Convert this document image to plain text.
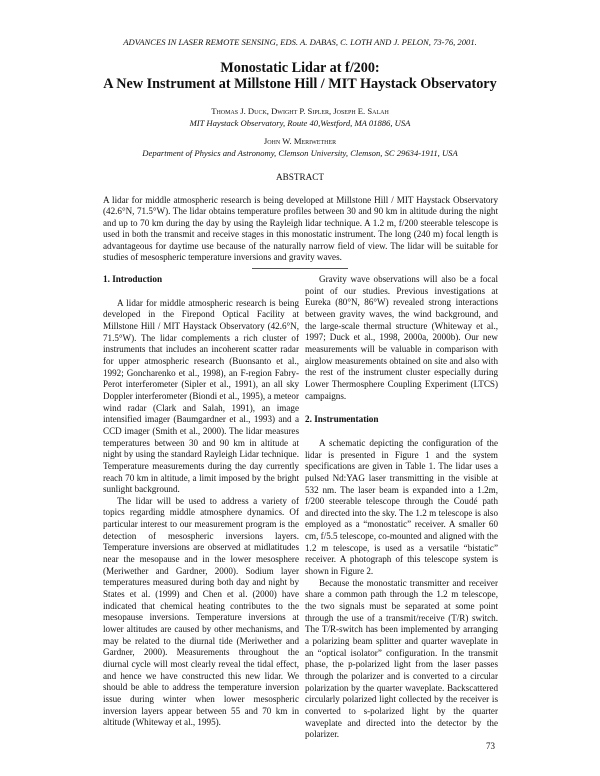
ADVANCES IN LASER REMOTE SENSING, EDS. A. DABAS, C. LOTH AND J. PELON, 73-76, 2001.
Monostatic Lidar at f/200:
A New Instrument at Millstone Hill / MIT Haystack Observatory
Thomas J. Duck, Dwight P. Sipler, Joseph E. Salah
MIT Haystack Observatory, Route 40,Westford, MA 01886, USA
John W. Meriwether
Department of Physics and Astronomy, Clemson University, Clemson, SC 29634-1911, USA
ABSTRACT
A lidar for middle atmospheric research is being developed at Millstone Hill / MIT Haystack Observatory (42.6°N, 71.5°W). The lidar obtains temperature profiles between 30 and 90 km in altitude during the night and up to 70 km during the day by using the Rayleigh lidar technique. A 1.2 m, f/200 steerable telescope is used in both the transmit and receive stages in this monostatic instrument. The long (240 m) focal length is advantageous for daytime use because of the naturally narrow field of view. The lidar will be suitable for studies of mesospheric temperature inversions and gravity waves.
1. Introduction

A lidar for middle atmospheric research is being developed in the Firepond Optical Facility at Millstone Hill / MIT Haystack Observatory (42.6°N, 71.5°W). The lidar complements a rich cluster of instruments that includes an incoherent scatter radar for upper atmospheric research (Buonsanto et al., 1992; Goncharenko et al., 1998), an F-region Fabry-Perot interferometer (Sipler et al., 1991), an all sky Doppler interferometer (Biondi et al., 1995), a meteor wind radar (Clark and Salah, 1991), an image intensified imager (Baumgardner et al., 1993) and a CCD imager (Smith et al., 2000). The lidar measures temperatures between 30 and 90 km in altitude at night by using the standard Rayleigh Lidar technique. Temperature measurements during the day currently reach 70 km in altitude, a limit imposed by the bright sunlight background.

The lidar will be used to address a variety of topics regarding middle atmosphere dynamics. Of particular interest to our measurement program is the detection of mesospheric inversions layers. Temperature inversions are observed at midlatitudes near the mesopause and in the lower mesosphere (Meriwether and Gardner, 2000). Sodium layer temperatures measured during both day and night by States et al. (1999) and Chen et al. (2000) have indicated that chemical heating contributes to the mesopause inversions. Temperature inversions at lower altitudes are caused by other mechanisms, and may be related to the diurnal tide (Meriwether and Gardner, 2000). Measurements throughout the diurnal cycle will most clearly reveal the tidal effect, and hence we have constructed this new lidar. We should be able to address the temperature inversion issue during winter when lower mesospheric inversion layers appear between 55 and 70 km in altitude (Whiteway et al., 1995).

Gravity wave observations will also be a focal point of our studies. Previous investigations at Eureka (80°N, 86°W) revealed strong interactions between gravity waves, the wind background, and the large-scale thermal structure (Whiteway et al., 1997; Duck et al., 1998, 2000a, 2000b). Our new measurements will be valuable in comparison with airglow measurements obtained on site and also with the rest of the instrument cluster especially during Lower Thermosphere Coupling Experiment (LTCS) campaigns.

2. Instrumentation

A schematic depicting the configuration of the lidar is presented in Figure 1 and the system specifications are given in Table 1. The lidar uses a pulsed Nd:YAG laser transmitting in the visible at 532 nm. The laser beam is expanded into a 1.2m, f/200 steerable telescope through the Coudé path and directed into the sky. The 1.2 m telescope is also employed as a “monostatic” receiver. A smaller 60 cm, f/5.5 telescope, co-mounted and aligned with the 1.2 m telescope, is used as a versatile “bistatic” receiver. A photograph of this telescope system is shown in Figure 2.

Because the monostatic transmitter and receiver share a common path through the 1.2 m telescope, the two signals must be separated at some point through the use of a transmit/receive (T/R) switch. The T/R-switch has been implemented by arranging a polarizing beam splitter and quarter waveplate in an “optical isolator” configuration. In the transmit phase, the p-polarized light from the laser passes through the polarizer and is converted to a circular polarization by the quarter waveplate. Backscattered circularly polarized light collected by the receiver is converted to s-polarized light by the quarter waveplate and directed into the detector by the polarizer.

73
